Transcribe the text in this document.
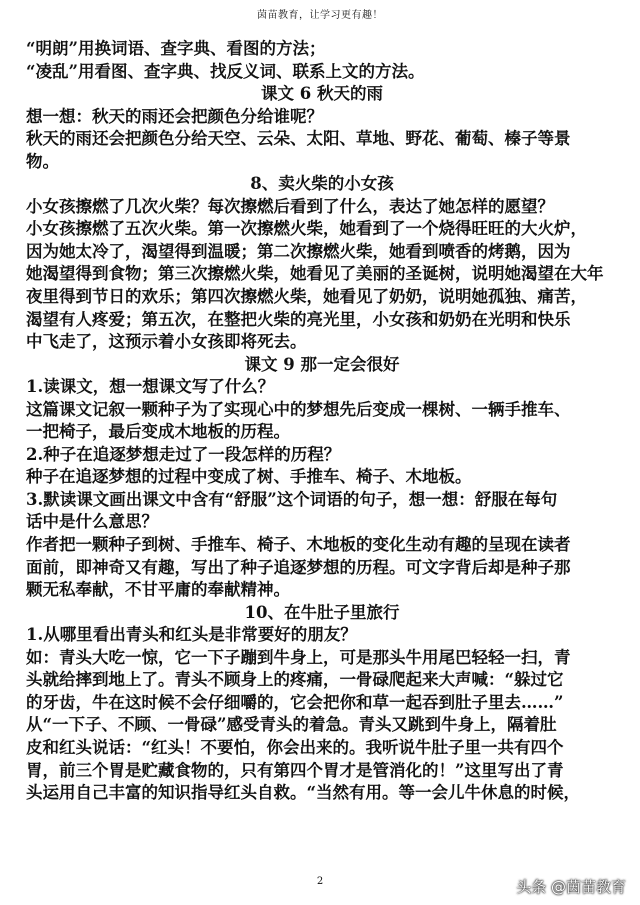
茵苗教育，让学习更有趣！
“明朗”用换词语、查字典、看图的方法；
“凌乱”用看图、查字典、找反义词、联系上文的方法。
课文 6 秋天的雨
想一想：秋天的雨还会把颜色分给谁呢？
秋天的雨还会把颜色分给天空、云朵、太阳、草地、野花、葡萄、榛子等景
物。
8、卖火柴的小女孩
小女孩擦燃了几次火柴？每次擦燃后看到了什么，表达了她怎样的愿望？
小女孩擦燃了五次火柴。第一次擦燃火柴，她看到了一个烧得旺旺的大火炉，
因为她太冷了，渴望得到温暖；第二次擦燃火柴，她看到喷香的烤鹅，因为
她渴望得到食物；第三次擦燃火柴，她看见了美丽的圣诞树，说明她渴望在大年
夜里得到节日的欢乐；第四次擦燃火柴，她看见了奶奶，说明她孤独、痛苦，
渴望有人疼爱；第五次，在整把火柴的亮光里，小女孩和奶奶在光明和快乐
中飞走了，这预示着小女孩即将死去。
课文 9 那一定会很好
1.读课文，想一想课文写了什么？
这篇课文记叙一颗种子为了实现心中的梦想先后变成一棵树、一辆手推车、
一把椅子，最后变成木地板的历程。
2.种子在追逐梦想走过了一段怎样的历程？
种子在追逐梦想的过程中变成了树、手推车、椅子、木地板。
3.默读课文画出课文中含有“舒服”这个词语的句子，想一想：舒服在每句
话中是什么意思？
作者把一颗种子到树、手推车、椅子、木地板的变化生动有趣的呈现在读者
面前，即神奇又有趣，写出了种子追逐梦想的历程。可文字背后却是种子那
颗无私奉献，不甘平庸的奉献精神。
10、在牛肚子里旅行
1.从哪里看出青头和红头是非常要好的朋友？
如：青头大吃一惊，它一下子蹦到牛身上，可是那头牛用尾巴轻轻一扫，青
头就给摔到地上了。青头不顾身上的疼痛，一骨碌爬起来大声喊：“躲过它
的牙齿，牛在这时候不会仔细嚼的，它会把你和草一起吞到肚子里去……”
从“一下子、不顾、一骨碌”感受青头的着急。青头又跳到牛身上，隔着肚
皮和红头说话：“红头！不要怕，你会出来的。我听说牛肚子里一共有四个
胃，前三个胃是贮藏食物的，只有第四个胃才是管消化的！”这里写出了青
头运用自己丰富的知识指导红头自救。“当然有用。等一会儿牛休息的时候，
2	头条 @茵苗教育
